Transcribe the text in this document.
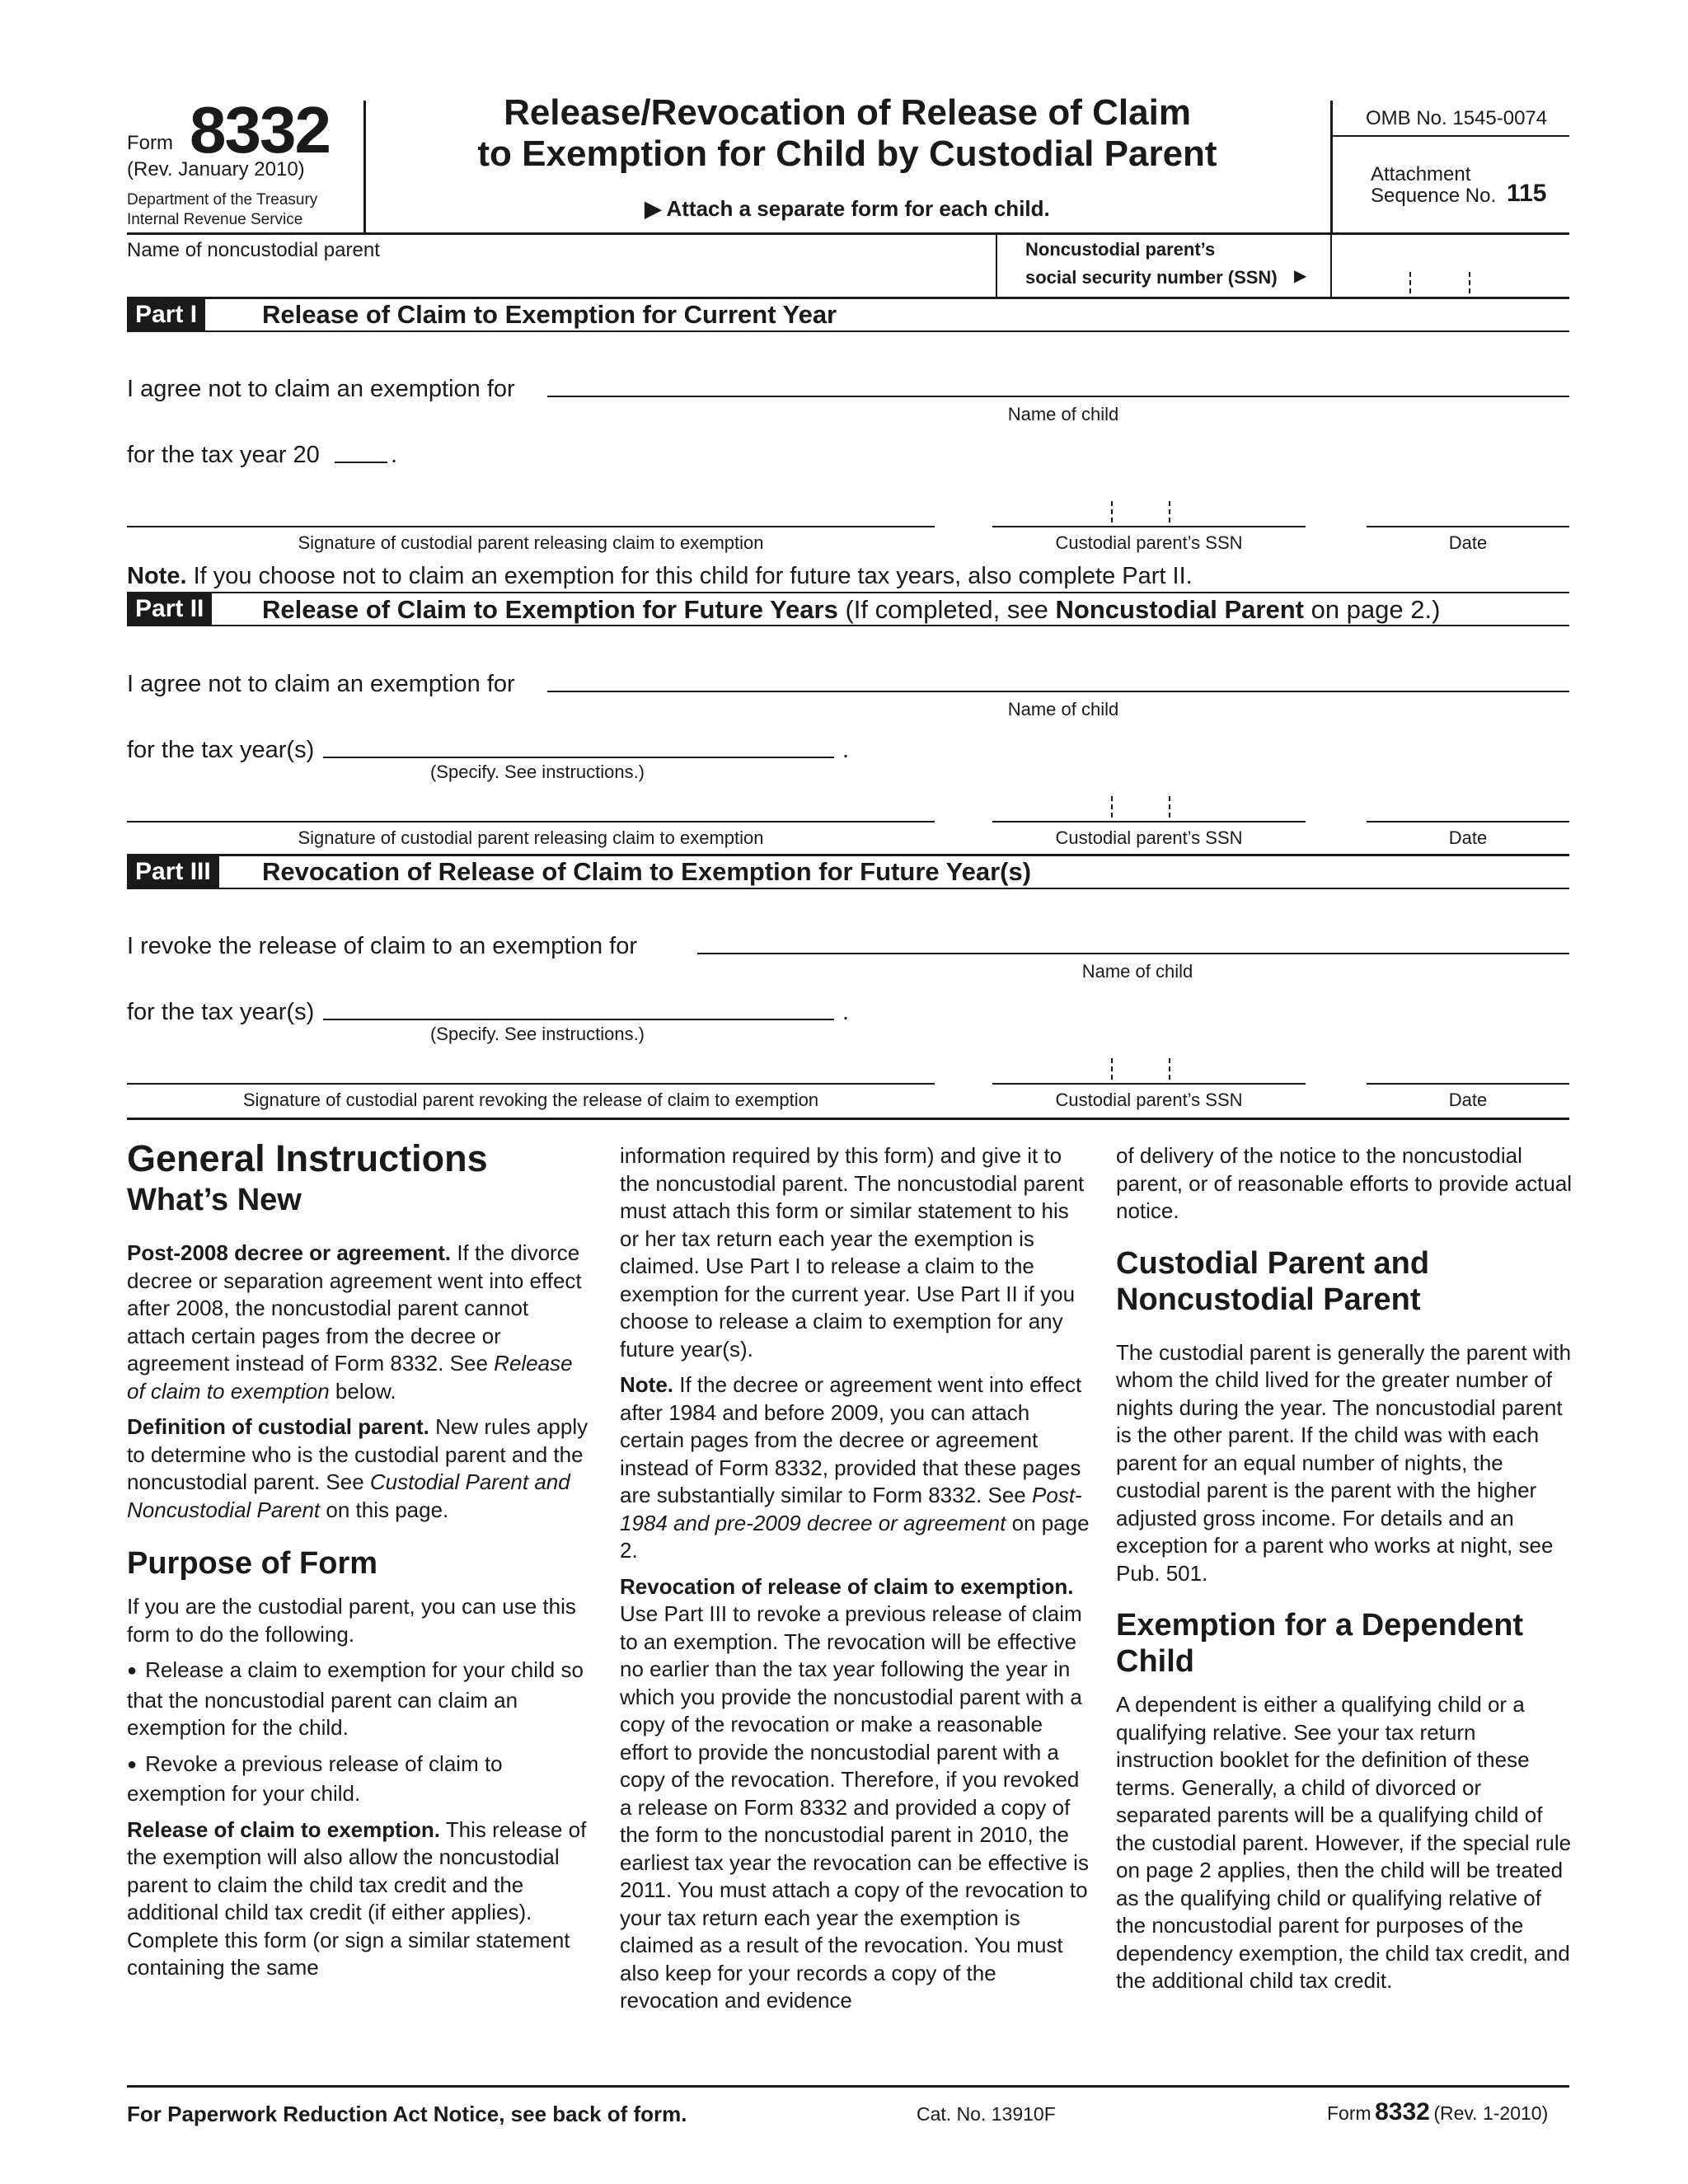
Form 8332
(Rev. January 2010)
Department of the Treasury
Internal Revenue Service
Release/Revocation of Release of Claim
to Exemption for Child by Custodial Parent
▶ Attach a separate form for each child.
OMB No. 1545-0074
Attachment
Sequence No. 115
Name of noncustodial parent	Noncustodial parent’s
social security number (SSN) ▶
Part I	Release of Claim to Exemption for Current Year
I agree not to claim an exemption for
Name of child
for the tax year 20	.
Signature of custodial parent releasing claim to exemption	Custodial parent’s SSN	Date
Note. If you choose not to claim an exemption for this child for future tax years, also complete Part II.
Part II	Release of Claim to Exemption for Future Years (If completed, see Noncustodial Parent on page 2.)
I agree not to claim an exemption for
Name of child
for the tax year(s)	.
(Specify. See instructions.)
Signature of custodial parent releasing claim to exemption	Custodial parent’s SSN	Date
Part III	Revocation of Release of Claim to Exemption for Future Year(s)
I revoke the release of claim to an exemption for
Name of child
for the tax year(s)	.
(Specify. See instructions.)
Signature of custodial parent revoking the release of claim to exemption	Custodial parent’s SSN	Date
General Instructions
What’s New

Post-2008 decree or agreement. If the divorce decree or separation agreement went into effect after 2008, the noncustodial parent cannot attach certain pages from the decree or agreement instead of Form 8332. See Release of claim to exemption below.

Definition of custodial parent. New rules apply to determine who is the custodial parent and the noncustodial parent. See Custodial Parent and Noncustodial Parent on this page.

Purpose of Form

If you are the custodial parent, you can use this form to do the following.

● Release a claim to exemption for your child so that the noncustodial parent can claim an exemption for the child.

● Revoke a previous release of claim to exemption for your child.

Release of claim to exemption. This release of the exemption will also allow the noncustodial parent to claim the child tax credit and the additional child tax credit (if either applies). Complete this form (or sign a similar statement containing the same

information required by this form) and give it to the noncustodial parent. The noncustodial parent must attach this form or similar statement to his or her tax return each year the exemption is claimed. Use Part I to release a claim to the exemption for the current year. Use Part II if you choose to release a claim to exemption for any future year(s).

Note. If the decree or agreement went into effect after 1984 and before 2009, you can attach certain pages from the decree or agreement instead of Form 8332, provided that these pages are substantially similar to Form 8332. See Post-1984 and pre-2009 decree or agreement on page 2.

Revocation of release of claim to exemption. Use Part III to revoke a previous release of claim to an exemption. The revocation will be effective no earlier than the tax year following the year in which you provide the noncustodial parent with a copy of the revocation or make a reasonable effort to provide the noncustodial parent with a copy of the revocation. Therefore, if you revoked a release on Form 8332 and provided a copy of the form to the noncustodial parent in 2010, the earliest tax year the revocation can be effective is 2011. You must attach a copy of the revocation to your tax return each year the exemption is claimed as a result of the revocation. You must also keep for your records a copy of the revocation and evidence

of delivery of the notice to the noncustodial parent, or of reasonable efforts to provide actual notice.

Custodial Parent and Noncustodial Parent

The custodial parent is generally the parent with whom the child lived for the greater number of nights during the year. The noncustodial parent is the other parent. If the child was with each parent for an equal number of nights, the custodial parent is the parent with the higher adjusted gross income. For details and an exception for a parent who works at night, see Pub. 501.

Exemption for a Dependent Child

A dependent is either a qualifying child or a qualifying relative. See your tax return instruction booklet for the definition of these terms. Generally, a child of divorced or separated parents will be a qualifying child of the custodial parent. However, if the special rule on page 2 applies, then the child will be treated as the qualifying child or qualifying relative of the noncustodial parent for purposes of the dependency exemption, the child tax credit, and the additional child tax credit.

For Paperwork Reduction Act Notice, see back of form.	Cat. No. 13910F	Form 8332 (Rev. 1-2010)
